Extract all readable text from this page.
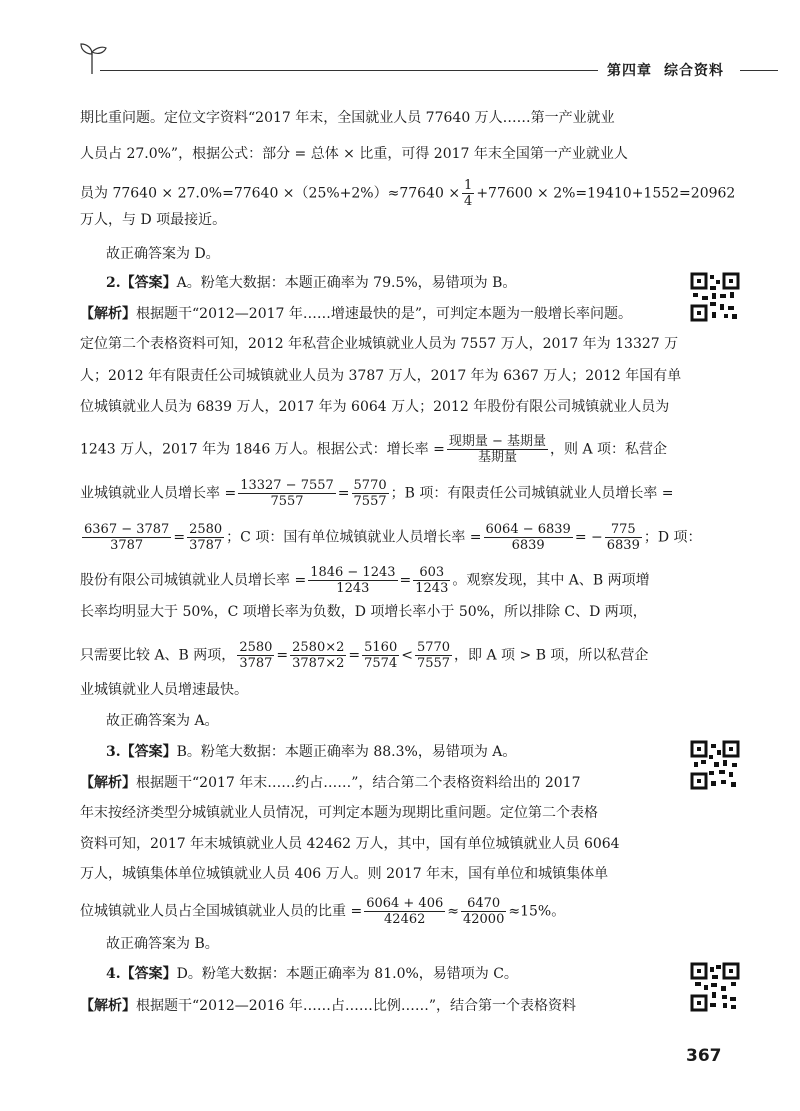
第四章 综合资料
期比重问题。定位文字资料“2017 年末，全国就业人员 77640 万人……第一产业就业
人员占 27.0%”，根据公式：部分 = 总体 × 比重，可得 2017 年末全国第一产业就业人
员为 $77640 \times 27.0\%=77640 \times(25\%+2\%)\approx 77640 \times \frac{1}{4} +77600 \times 2\%=19410+1552=20962$
万人，与 D 项最接近。
故正确答案为 D。
2.【答案】A。粉笔大数据：本题正确率为 79.5%，易错项为 B。
【解析】根据题干“2012—2017 年……增速最快的是”，可判定本题为一般增长率问题。
定位第二个表格资料可知，2012 年私营企业城镇就业人员为 7557 万人，2017 年为 13327 万
人；2012 年有限责任公司城镇就业人员为 3787 万人，2017 年为 6367 万人；2012 年国有单
位城镇就业人员为 6839 万人，2017 年为 6064 万人；2012 年股份有限公司城镇就业人员为
1243 万人，2017 年为 1846 万人。根据公式：增长率 = $\frac{\text{现期量 − 基期量}}{\text{基期量}}$ ，则 A 项：私营企
业城镇就业人员增长率 = $\frac{13327 - 7557}{7557} = \frac{5770}{7557}$ ；B 项：有限责任公司城镇就业人员增长率 =
$\frac{6367 - 3787}{3787} = \frac{2580}{3787}$ ；C 项：国有单位城镇就业人员增长率 = $\frac{6064 - 6839}{6839}$ = − $\frac{775}{6839}$ ；D 项：
股份有限公司城镇就业人员增长率 = $\frac{1846 - 1243}{1243} = \frac{603}{1243}$ 。观察发现，其中 A、B 两项增
长率均明显大于 50%，C 项增长率为负数，D 项增长率小于 50%，所以排除 C、D 两项，
只需要比较 A、B 两项， $\frac{2580}{3787} = \frac{2580\times 2}{3787\times 2} = \frac{5160}{7574} < \frac{5770}{7557}$ ，即 A 项 > B 项，所以私营企
业城镇就业人员增速最快。
故正确答案为 A。
3.【答案】B。粉笔大数据：本题正确率为 88.3%，易错项为 A。
【解析】根据题干“2017 年末……约占……”，结合第二个表格资料给出的 2017
年末按经济类型分城镇就业人员情况，可判定本题为现期比重问题。定位第二个表格
资料可知，2017 年末城镇就业人员 42462 万人，其中，国有单位城镇就业人员 6064
万人，城镇集体单位城镇就业人员 406 万人。则 2017 年末，国有单位和城镇集体单
位城镇就业人员占全国城镇就业人员的比重 = $\frac{6064 + 406}{42462} \approx \frac{6470}{42000} \approx 15\%$。
故正确答案为 B。
4.【答案】D。粉笔大数据：本题正确率为 81.0%，易错项为 C。
【解析】根据题干“2012—2016 年……占……比例……”，结合第一个表格资料
367
